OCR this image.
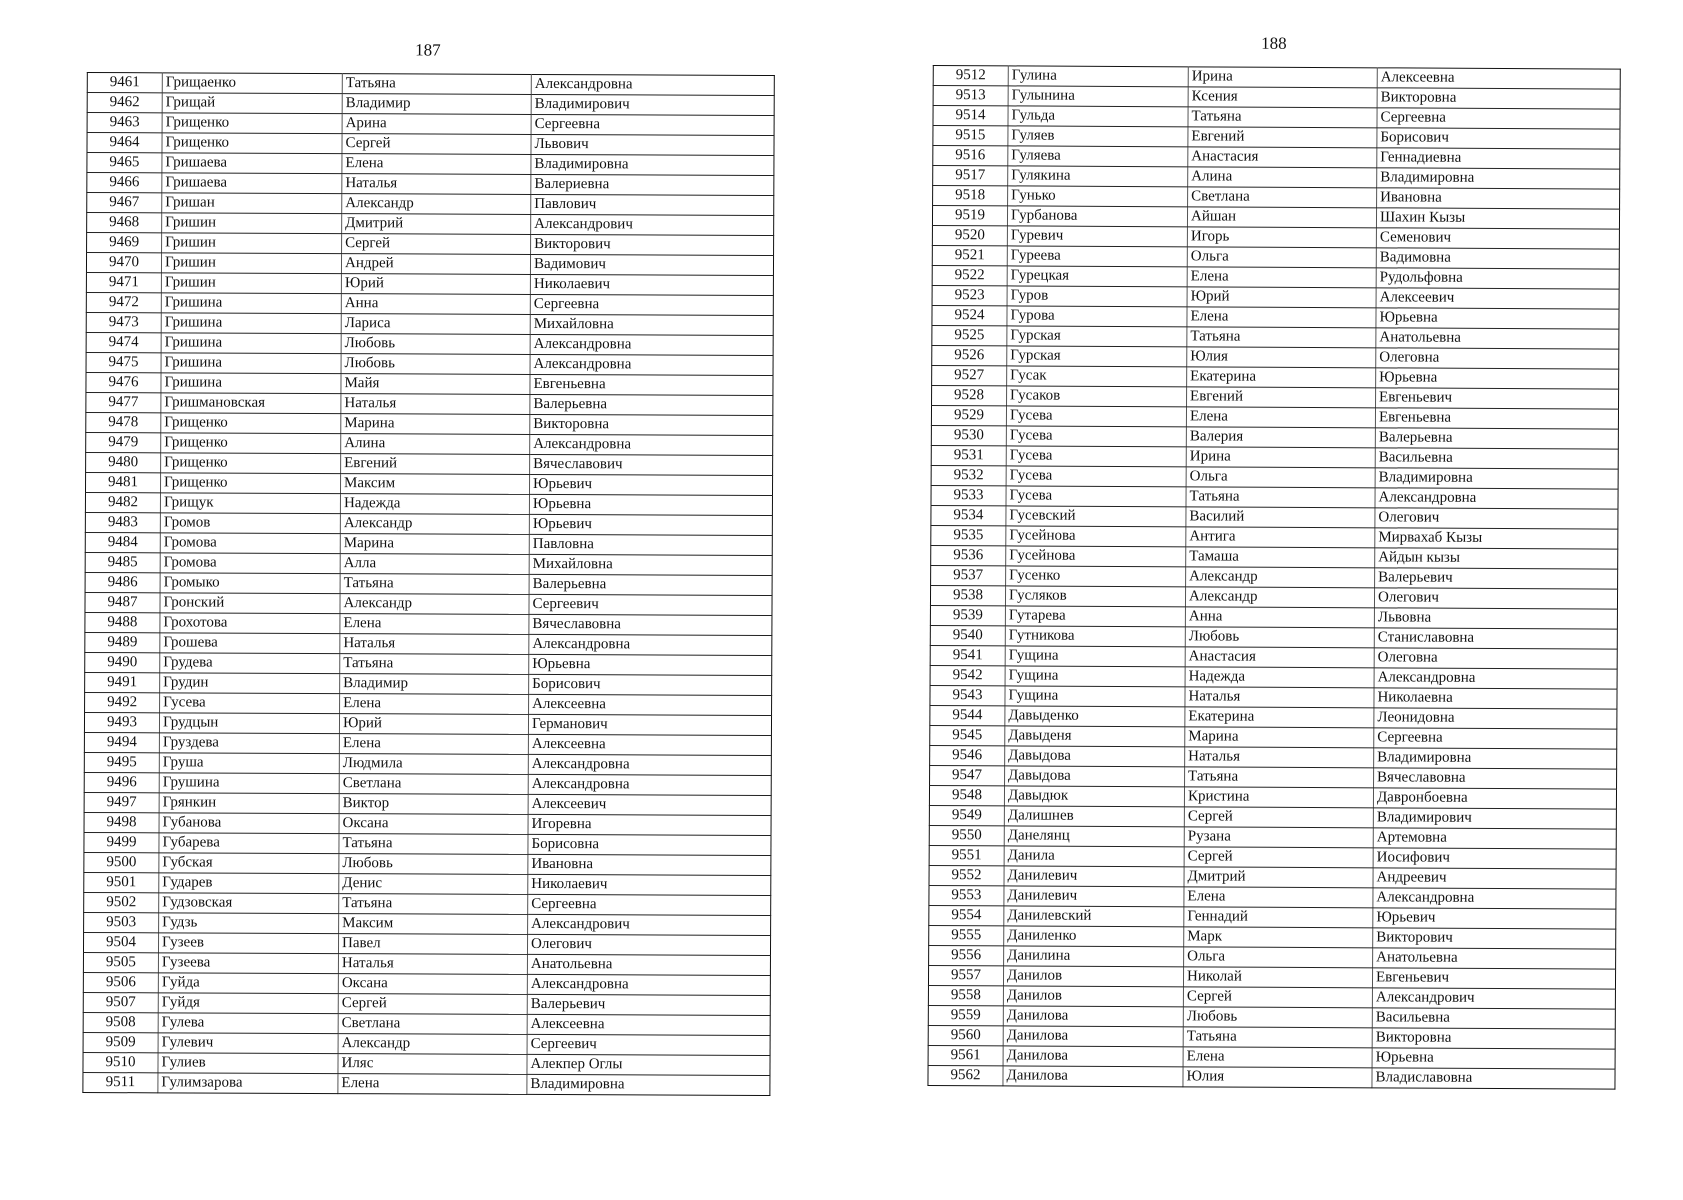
187
9461	Грищаенко	Татьяна	Александровна
9462	Грищай	Владимир	Владимирович
9463	Грищенко	Арина	Сергеевна
9464	Грищенко	Сергей	Львович
9465	Гришаева	Елена	Владимировна
9466	Гришаева	Наталья	Валериевна
9467	Гришан	Александр	Павлович
9468	Гришин	Дмитрий	Александрович
9469	Гришин	Сергей	Викторович
9470	Гришин	Андрей	Вадимович
9471	Гришин	Юрий	Николаевич
9472	Гришина	Анна	Сергеевна
9473	Гришина	Лариса	Михайловна
9474	Гришина	Любовь	Александровна
9475	Гришина	Любовь	Александровна
9476	Гришина	Майя	Евгеньевна
9477	Гришмановская	Наталья	Валерьевна
9478	Грищенко	Марина	Викторовна
9479	Грищенко	Алина	Александровна
9480	Грищенко	Евгений	Вячеславович
9481	Грищенко	Максим	Юрьевич
9482	Грищук	Надежда	Юрьевна
9483	Громов	Александр	Юрьевич
9484	Громова	Марина	Павловна
9485	Громова	Алла	Михайловна
9486	Громыко	Татьяна	Валерьевна
9487	Гронский	Александр	Сергеевич
9488	Грохотова	Елена	Вячеславовна
9489	Грошева	Наталья	Александровна
9490	Грудева	Татьяна	Юрьевна
9491	Грудин	Владимир	Борисович
9492	Гусева	Елена	Алексеевна
9493	Грудцын	Юрий	Германович
9494	Груздева	Елена	Алексеевна
9495	Груша	Людмила	Александровна
9496	Грушина	Светлана	Александровна
9497	Грянкин	Виктор	Алексеевич
9498	Губанова	Оксана	Игоревна
9499	Губарева	Татьяна	Борисовна
9500	Губская	Любовь	Ивановна
9501	Гударев	Денис	Николаевич
9502	Гудзовская	Татьяна	Сергеевна
9503	Гудзь	Максим	Александрович
9504	Гузеев	Павел	Олегович
9505	Гузеева	Наталья	Анатольевна
9506	Гуйда	Оксана	Александровна
9507	Гуйдя	Сергей	Валерьевич
9508	Гулева	Светлана	Алексеевна
9509	Гулевич	Александр	Сергеевич
9510	Гулиев	Иляс	Алекпер Оглы
9511	Гулимзарова	Елена	Владимировна
188
9512	Гулина	Ирина	Алексеевна
9513	Гулынина	Ксения	Викторовна
9514	Гульда	Татьяна	Сергеевна
9515	Гуляев	Евгений	Борисович
9516	Гуляева	Анастасия	Геннадиевна
9517	Гулякина	Алина	Владимировна
9518	Гунько	Светлана	Ивановна
9519	Гурбанова	Айшан	Шахин Кызы
9520	Гуревич	Игорь	Семенович
9521	Гуреева	Ольга	Вадимовна
9522	Гурецкая	Елена	Рудольфовна
9523	Гуров	Юрий	Алексеевич
9524	Гурова	Елена	Юрьевна
9525	Гурская	Татьяна	Анатольевна
9526	Гурская	Юлия	Олеговна
9527	Гусак	Екатерина	Юрьевна
9528	Гусаков	Евгений	Евгеньевич
9529	Гусева	Елена	Евгеньевна
9530	Гусева	Валерия	Валерьевна
9531	Гусева	Ирина	Васильевна
9532	Гусева	Ольга	Владимировна
9533	Гусева	Татьяна	Александровна
9534	Гусевский	Василий	Олегович
9535	Гусейнова	Антига	Мирвахаб Кызы
9536	Гусейнова	Тамаша	Айдын кызы
9537	Гусенко	Александр	Валерьевич
9538	Гусляков	Александр	Олегович
9539	Гутарева	Анна	Львовна
9540	Гутникова	Любовь	Станиславовна
9541	Гущина	Анастасия	Олеговна
9542	Гущина	Надежда	Александровна
9543	Гущина	Наталья	Николаевна
9544	Давыденко	Екатерина	Леонидовна
9545	Давыденя	Марина	Сергеевна
9546	Давыдова	Наталья	Владимировна
9547	Давыдова	Татьяна	Вячеславовна
9548	Давыдюк	Кристина	Давронбоевна
9549	Далишнев	Сергей	Владимирович
9550	Данелянц	Рузана	Артемовна
9551	Данила	Сергей	Иосифович
9552	Данилевич	Дмитрий	Андреевич
9553	Данилевич	Елена	Александровна
9554	Данилевский	Геннадий	Юрьевич
9555	Даниленко	Марк	Викторович
9556	Данилина	Ольга	Анатольевна
9557	Данилов	Николай	Евгеньевич
9558	Данилов	Сергей	Александрович
9559	Данилова	Любовь	Васильевна
9560	Данилова	Татьяна	Викторовна
9561	Данилова	Елена	Юрьевна
9562	Данилова	Юлия	Владиславовна
